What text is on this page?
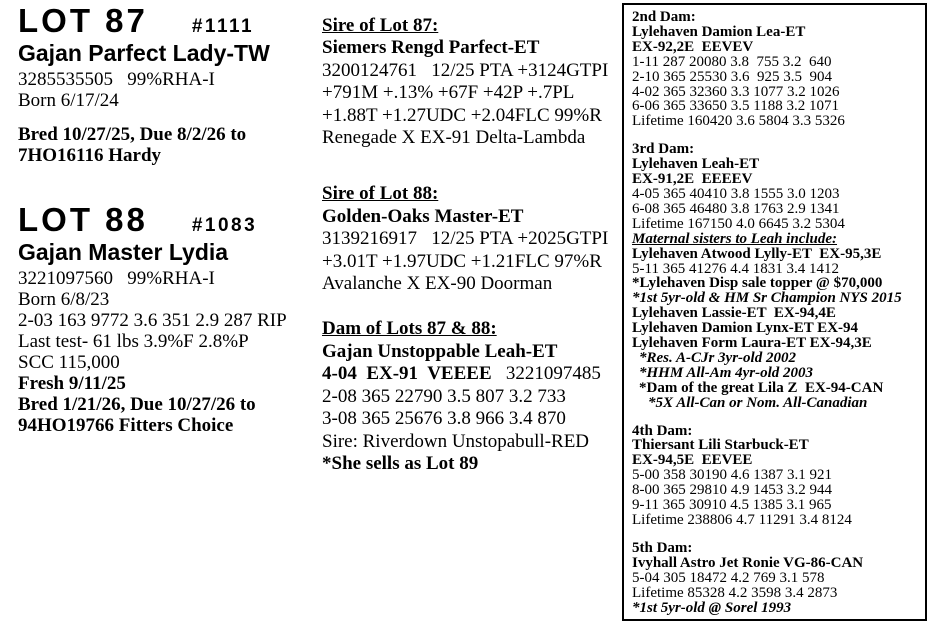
LOT 87 #1111
Gajan Parfect Lady-TW
3285535505   99%RHA-I
Born 6/17/24
Bred 10/27/25, Due 8/2/26 to
7HO16116 Hardy
LOT 88 #1083
Gajan Master Lydia
3221097560   99%RHA-I
Born 6/8/23
2-03 163 9772 3.6 351 2.9 287 RIP
Last test- 61 lbs 3.9%F 2.8%P
SCC 115,000
Fresh 9/11/25
Bred 1/21/26, Due 10/27/26 to
94HO19766 Fitters Choice
Sire of Lot 87:
Siemers Rengd Parfect-ET
3200124761   12/25 PTA +3124GTPI
+791M +.13% +67F +42P +.7PL
+1.88T +1.27UDC +2.04FLC 99%R
Renegade X EX-91 Delta-Lambda
Sire of Lot 88:
Golden-Oaks Master-ET
3139216917   12/25 PTA +2025GTPI
+3.01T +1.97UDC +1.21FLC 97%R
Avalanche X EX-90 Doorman
Dam of Lots 87 & 88:
Gajan Unstoppable Leah-ET
4-04  EX-91  VEEEE   3221097485
2-08 365 22790 3.5 807 3.2 733
3-08 365 25676 3.8 966 3.4 870
Sire: Riverdown Unstopabull-RED
*She sells as Lot 89
2nd Dam:
Lylehaven Damion Lea-ET
EX-92,2E  EEVEV
1-11 287 20080 3.8  755 3.2  640
2-10 365 25530 3.6  925 3.5  904
4-02 365 32360 3.3 1077 3.2 1026
6-06 365 33650 3.5 1188 3.2 1071
Lifetime 160420 3.6 5804 3.3 5326
3rd Dam:
Lylehaven Leah-ET
EX-91,2E  EEEEV
4-05 365 40410 3.8 1555 3.0 1203
6-08 365 46480 3.8 1763 2.9 1341
Lifetime 167150 4.0 6645 3.2 5304
Maternal sisters to Leah include:
Lylehaven Atwood Lylly-ET  EX-95,3E
5-11 365 41276 4.4 1831 3.4 1412
*Lylehaven Disp sale topper @ $70,000
*1st 5yr-old & HM Sr Champion NYS 2015
Lylehaven Lassie-ET  EX-94,4E
Lylehaven Damion Lynx-ET EX-94
Lylehaven Form Laura-ET EX-94,3E
*Res. A-CJr 3yr-old 2002
*HHM All-Am 4yr-old 2003
*Dam of the great Lila Z  EX-94-CAN
*5X All-Can or Nom. All-Canadian
4th Dam:
Thiersant Lili Starbuck-ET
EX-94,5E  EEVEE
5-00 358 30190 4.6 1387 3.1 921
8-00 365 29810 4.9 1453 3.2 944
9-11 365 30910 4.5 1385 3.1 965
Lifetime 238806 4.7 11291 3.4 8124
5th Dam:
Ivyhall Astro Jet Ronie VG-86-CAN
5-04 305 18472 4.2 769 3.1 578
Lifetime 85328 4.2 3598 3.4 2873
*1st 5yr-old @ Sorel 1993
